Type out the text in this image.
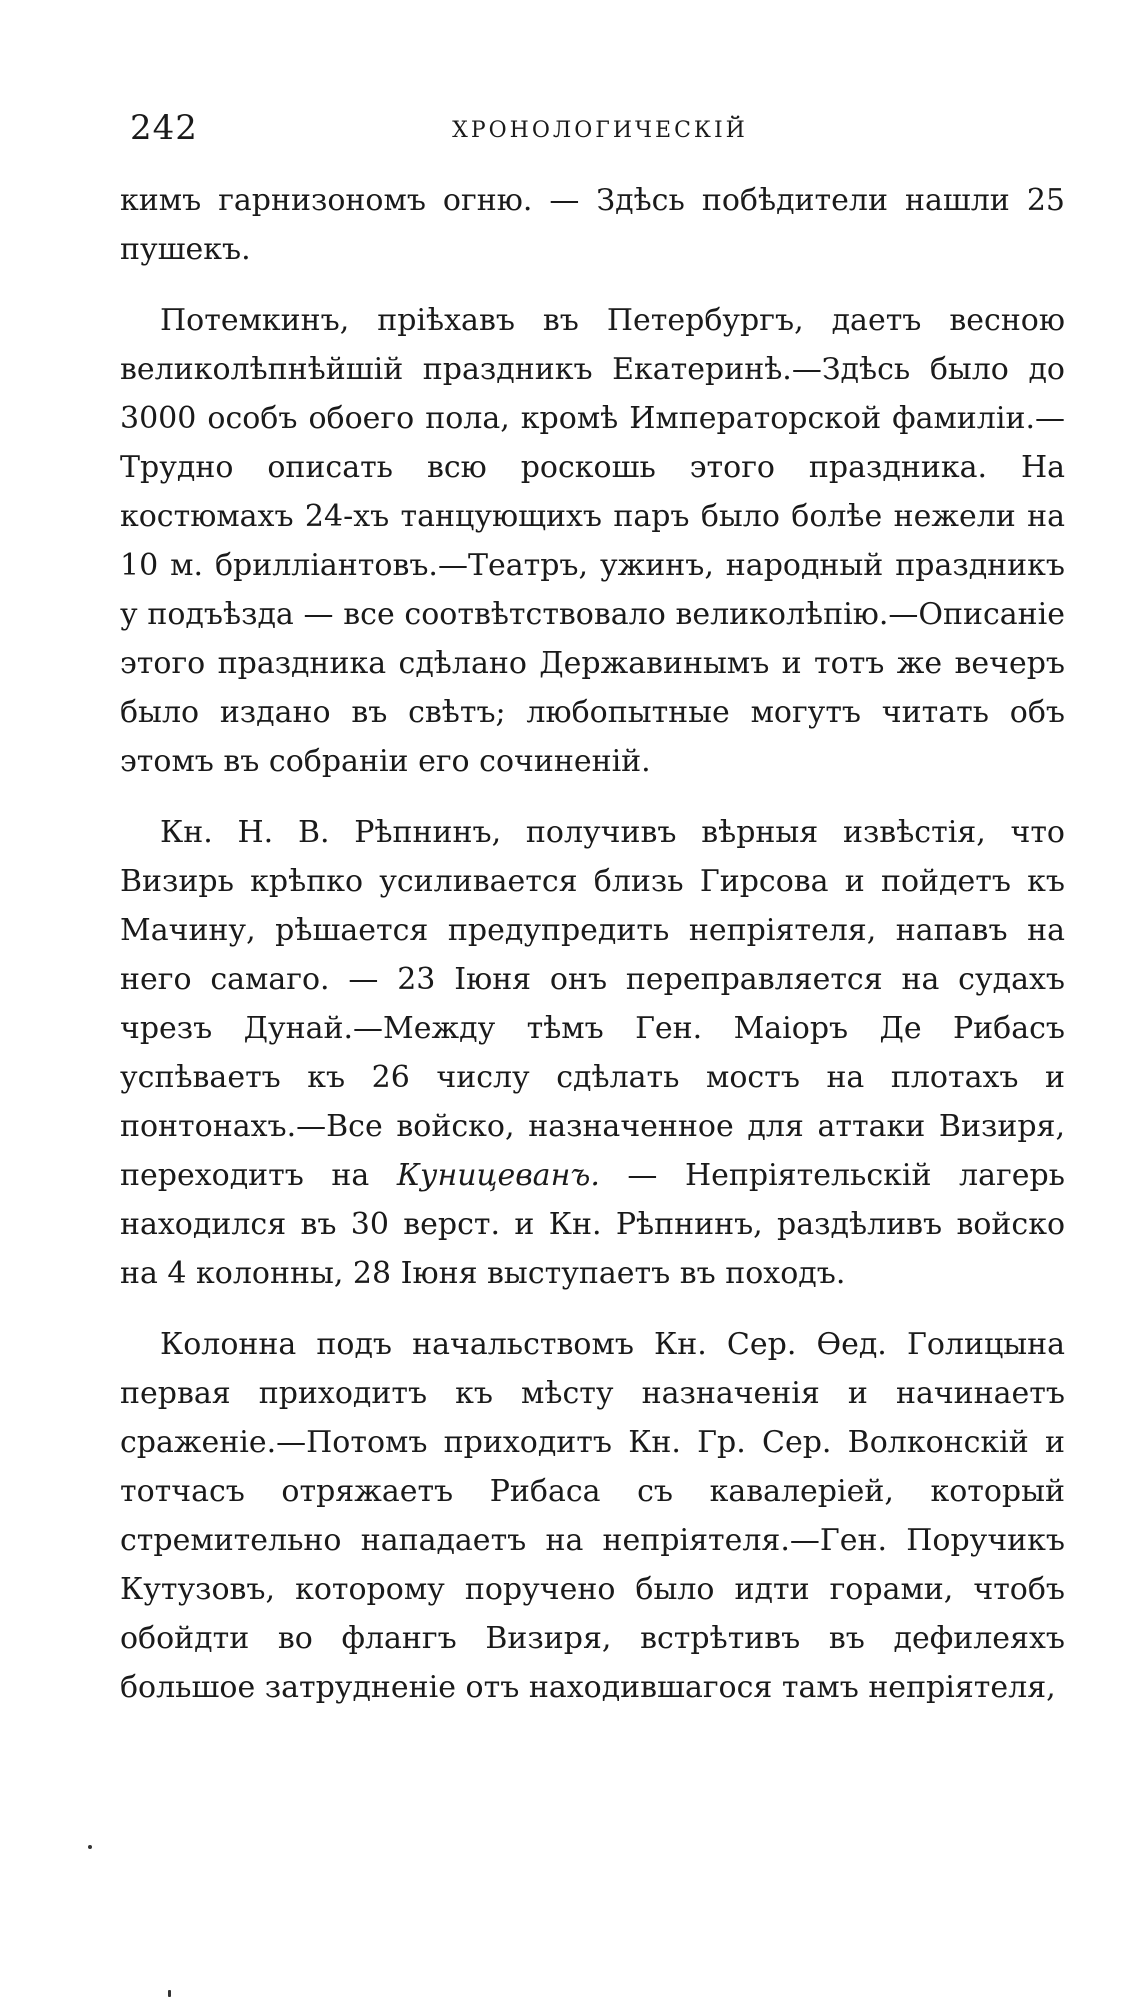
242	ХРОНОЛОГИЧЕСКІЙ

кимъ гарнизономъ огню. — Здѣсь побѣдители нашли 25 пушекъ.

Потемкинъ, пріѣхавъ въ Петербургъ, даетъ весною великолѣпнѣйшій праздникъ Екатеринѣ.—Здѣсь было до 3000 особъ обоего пола, кромѣ Императорской фамиліи.—Трудно описать всю роскошь этого праздника. На костюмахъ 24-хъ танцующихъ паръ было болѣе нежели на 10 м. брилліантовъ.—Театръ, ужинъ, народный праздникъ у подъѣзда — все соотвѣтствовало великолѣпію.—Описаніе этого праздника сдѣлано Державинымъ и тотъ же вечеръ было издано въ свѣтъ; любопытные могутъ читать объ этомъ въ собраніи его сочиненій.

Кн. Н. В. Рѣпнинъ, получивъ вѣрныя извѣстія, что Визирь крѣпко усиливается близь Гирсова и пойдетъ къ Мачину, рѣшается предупредить непріятеля, напавъ на него самаго. — 23 Іюня онъ переправляется на судахъ чрезъ Дунай.—Между тѣмъ Ген. Маіоръ Де Рибасъ успѣваетъ къ 26 числу сдѣлать мостъ на плотахъ и понтонахъ.—Все войско, назначенное для аттаки Визиря, переходитъ на Куницеванъ. — Непріятельскій лагерь находился въ 30 верст. и Кн. Рѣпнинъ, раздѣливъ войско на 4 колонны, 28 Іюня выступаетъ въ походъ.

Колонна подъ начальствомъ Кн. Сер. Ѳед. Голицына первая приходитъ къ мѣсту назначенія и начинаетъ сраженіе.—Потомъ приходитъ Кн. Гр. Сер. Волконскій и тотчасъ отряжаетъ Рибаса съ кавалеріей, который стремительно нападаетъ на непріятеля.—Ген. Поручикъ Кутузовъ, которому поручено было идти горами, чтобъ обойдти во флангъ Визиря, встрѣтивъ въ дефилеяхъ большое затрудненіе отъ находившагося тамъ непріятеля,
